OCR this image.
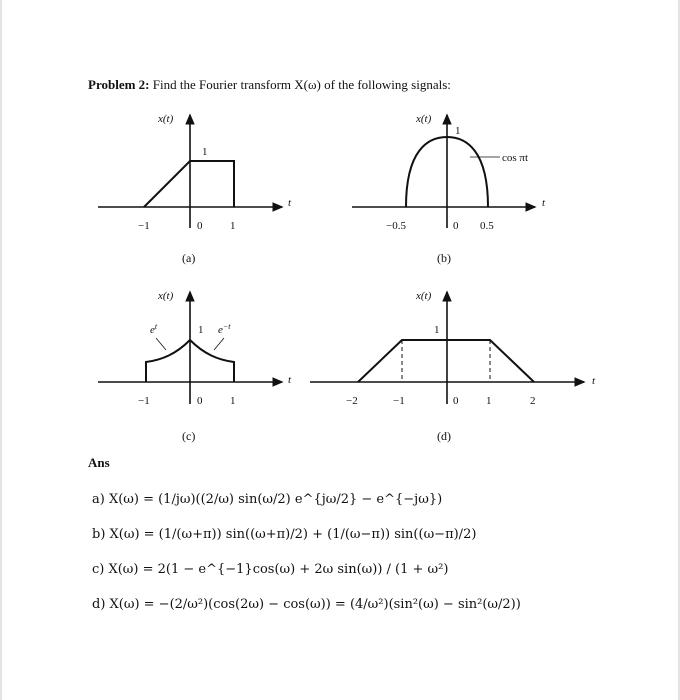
Problem 2: Find the Fourier transform X(ω) of the following signals:
x(t)
1
t
−1	0	1
(a)
cos πt
x(t)
1
t
−0.5	0 0.5
(b)
$e^t$	$e^{-t}$
x(t)
1
t
−1	0	1
(c)
x(t)
1
t
−2	−1	0	1	2
(d)
Ans
a) X(ω) = (1/jω)((2/ω) sin(ω/2) e^{jω/2} − e^{−jω})
b) X(ω) = (1/(ω+π)) sin((ω+π)/2) + (1/(ω−π)) sin((ω−π)/2)
c) X(ω) = 2(1 − e^{−1}cos(ω) + 2ω sin(ω)) / (1 + ω²)
d) X(ω) = −(2/ω²)(cos(2ω) − cos(ω)) = (4/ω²)(sin²(ω) − sin²(ω/2))
